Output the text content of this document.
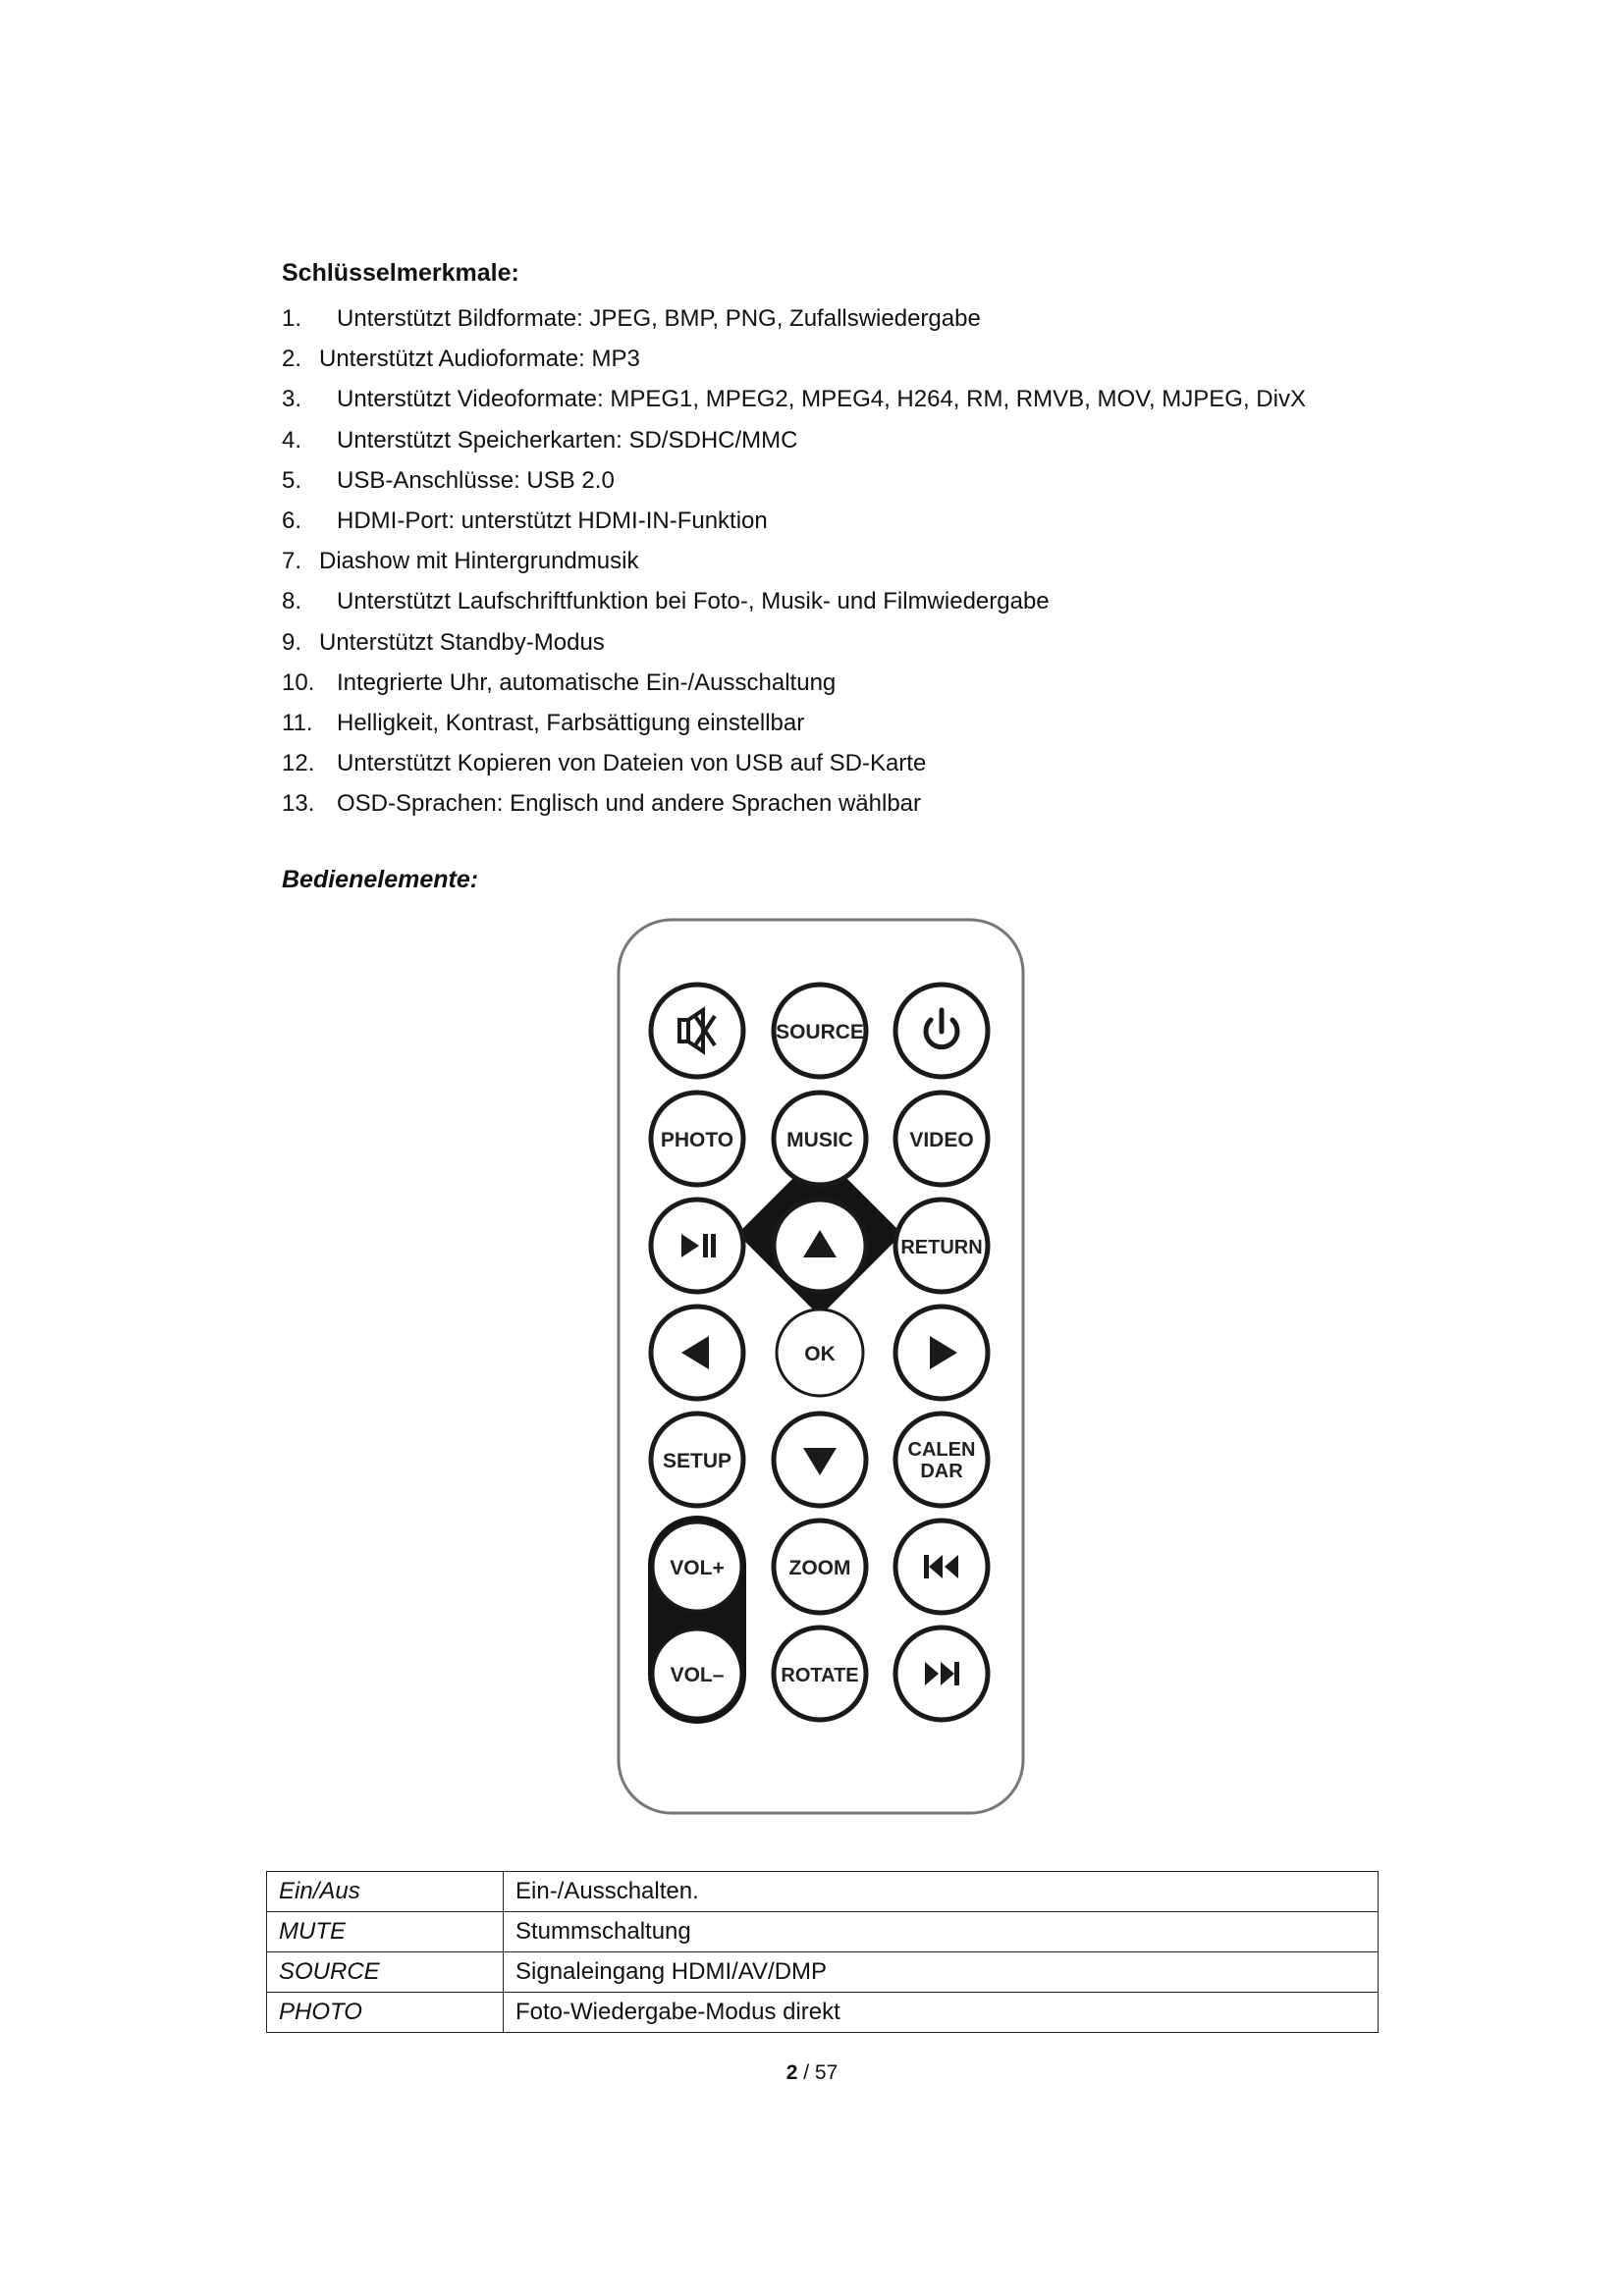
Schlüsselmerkmale:
1. Unterstützt Bildformate: JPEG, BMP, PNG, Zufallswiedergabe
2. Unterstützt Audioformate: MP3
3. Unterstützt Videoformate: MPEG1, MPEG2, MPEG4, H264, RM, RMVB, MOV, MJPEG, DivX
4. Unterstützt Speicherkarten: SD/SDHC/MMC
5. USB-Anschlüsse: USB 2.0
6. HDMI-Port: unterstützt HDMI-IN-Funktion
7. Diashow mit Hintergrundmusik
8. Unterstützt Laufschriftfunktion bei Foto-, Musik- und Filmwiedergabe
9. Unterstützt Standby-Modus
10. Integrierte Uhr, automatische Ein-/Ausschaltung
11. Helligkeit, Kontrast, Farbsättigung einstellbar
12. Unterstützt Kopieren von Dateien von USB auf SD-Karte
13. OSD-Sprachen: Englisch und andere Sprachen wählbar
Bedienelemente:
SOURCE
PHOTO	MUSIC	VIDEO
RETURN
OK
SETUP	CALEN
DAR
VOL+	ZOOM
VOL–	ROTATE
Ein/Aus	Ein-/Ausschalten.
MUTE	Stummschaltung
SOURCE	Signaleingang HDMI/AV/DMP
PHOTO	Foto-Wiedergabe-Modus direkt
2 / 57
